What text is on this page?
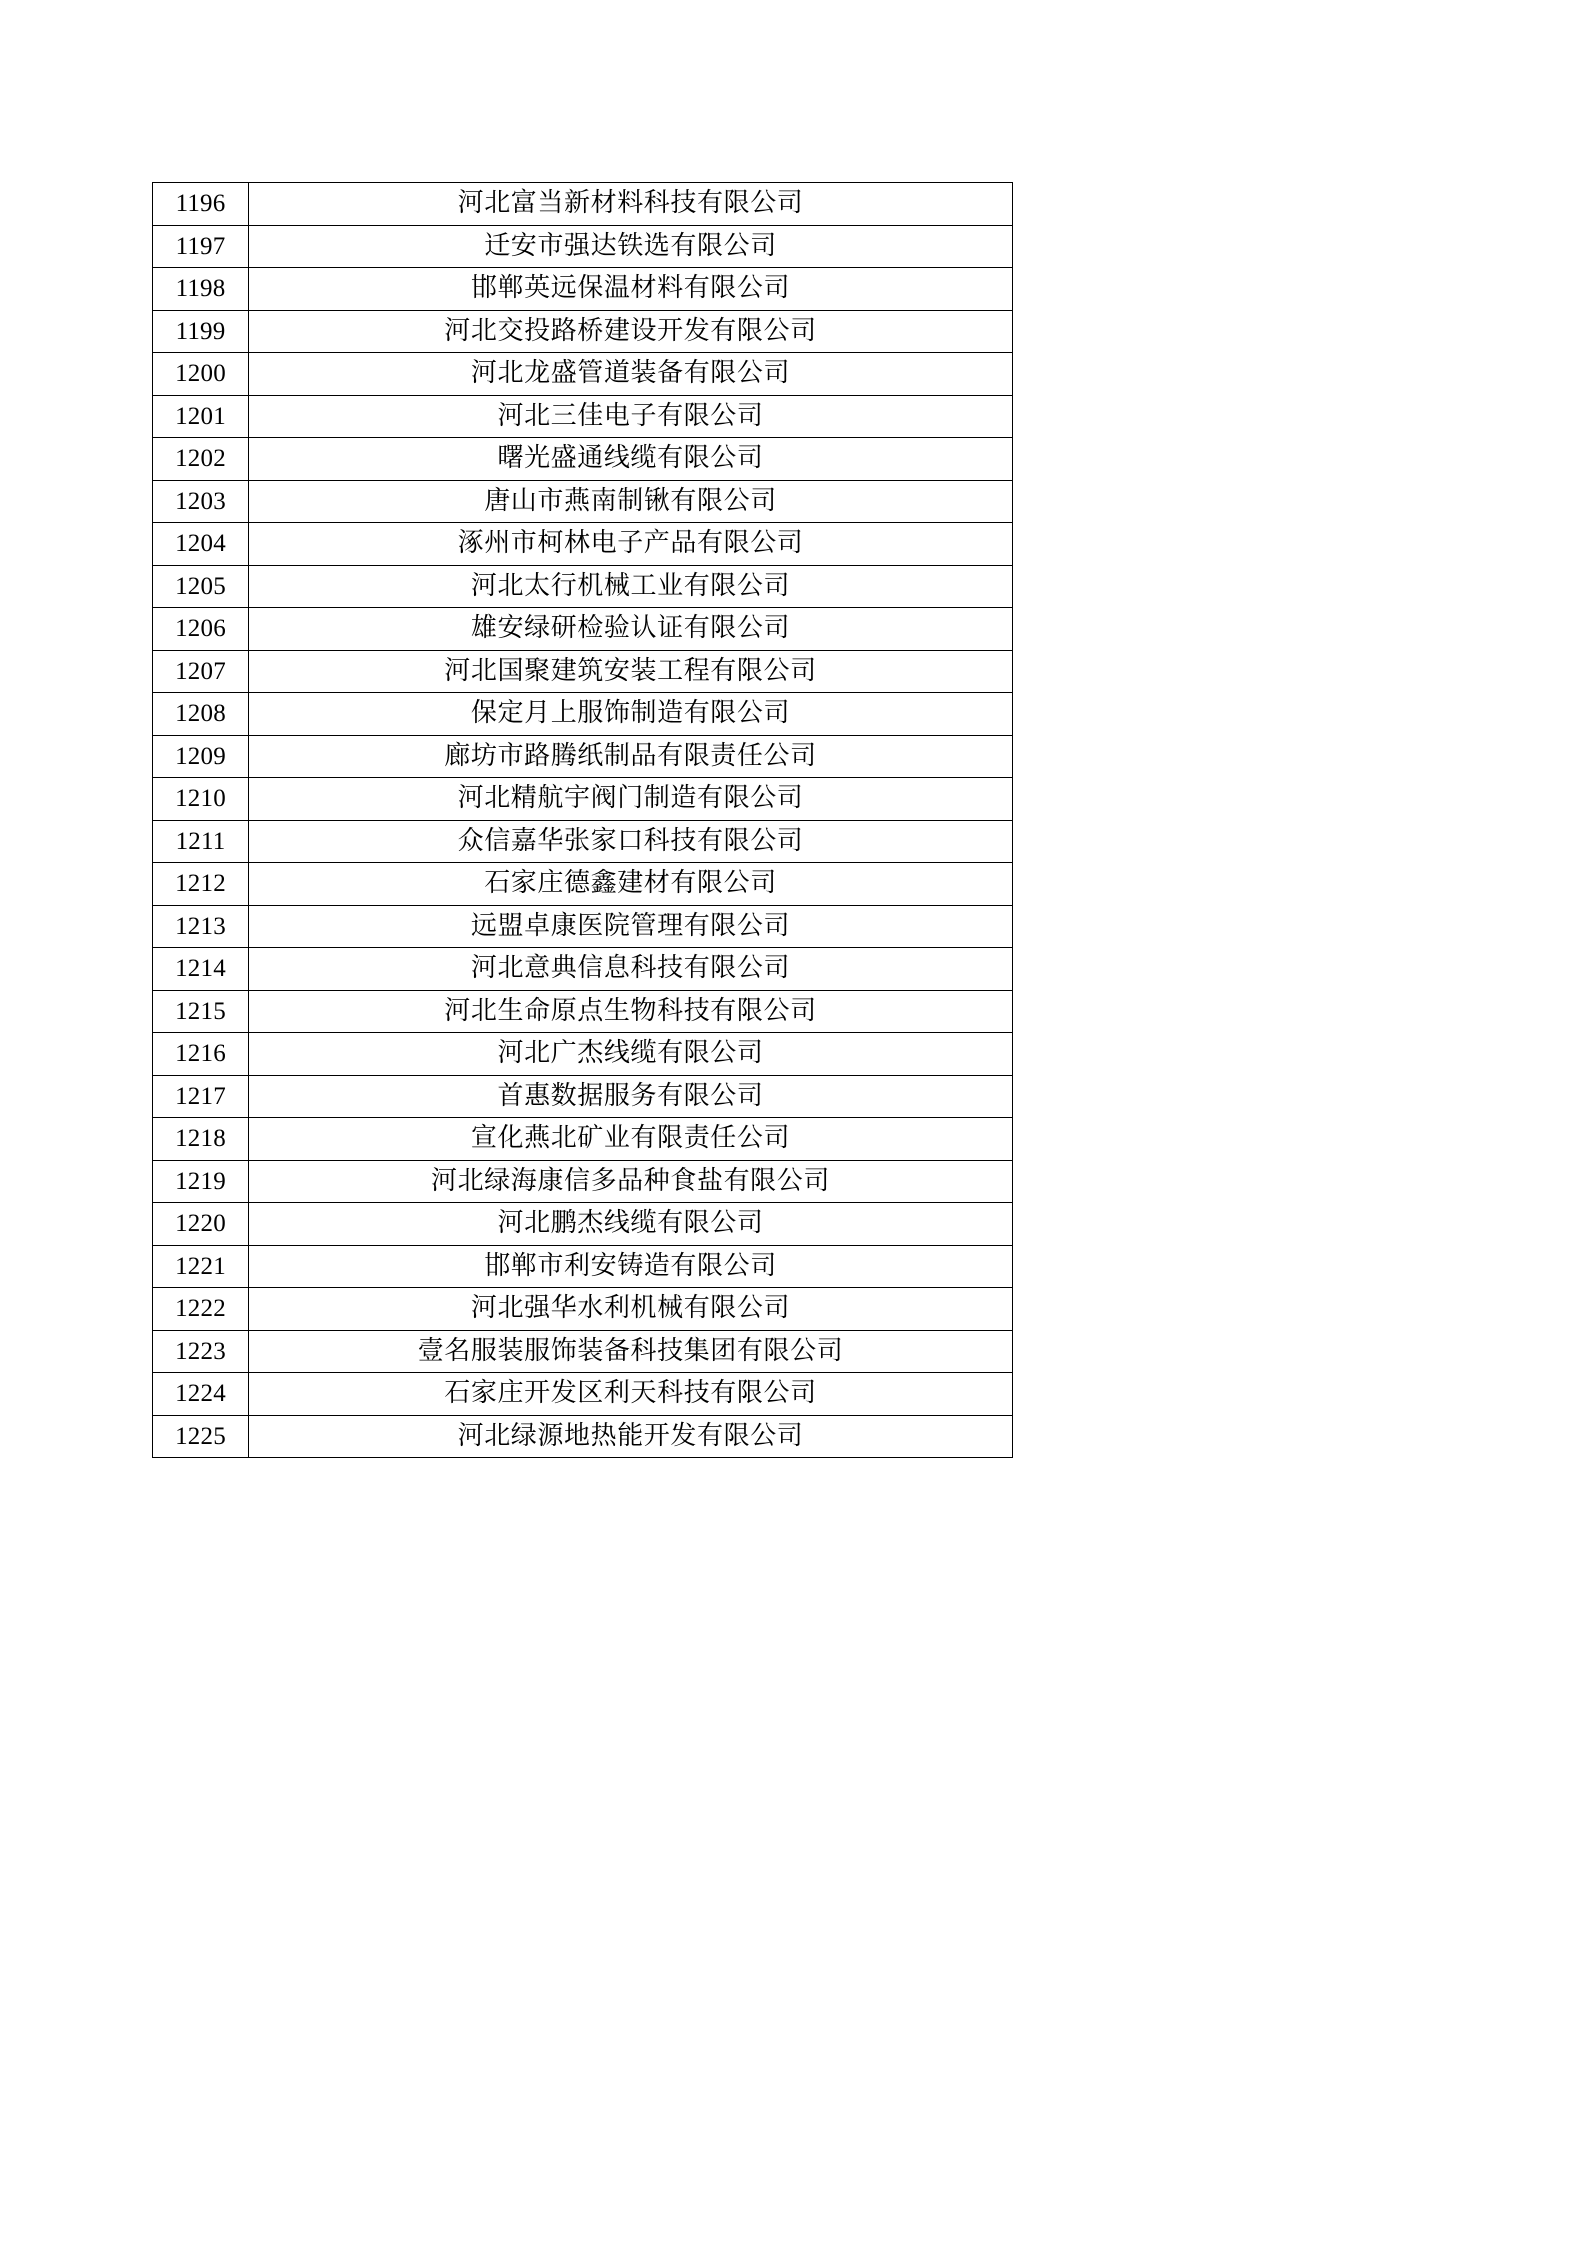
1196	河北富当新材料科技有限公司
1197	迁安市强达铁选有限公司
1198	邯郸英远保温材料有限公司
1199	河北交投路桥建设开发有限公司
1200	河北龙盛管道装备有限公司
1201	河北三佳电子有限公司
1202	曙光盛通线缆有限公司
1203	唐山市燕南制锹有限公司
1204	涿州市柯林电子产品有限公司
1205	河北太行机械工业有限公司
1206	雄安绿研检验认证有限公司
1207	河北国聚建筑安装工程有限公司
1208	保定月上服饰制造有限公司
1209	廊坊市路腾纸制品有限责任公司
1210	河北精航宇阀门制造有限公司
1211	众信嘉华张家口科技有限公司
1212	石家庄德鑫建材有限公司
1213	远盟卓康医院管理有限公司
1214	河北意典信息科技有限公司
1215	河北生命原点生物科技有限公司
1216	河北广杰线缆有限公司
1217	首惠数据服务有限公司
1218	宣化燕北矿业有限责任公司
1219	河北绿海康信多品种食盐有限公司
1220	河北鹏杰线缆有限公司
1221	邯郸市利安铸造有限公司
1222	河北强华水利机械有限公司
1223	壹名服装服饰装备科技集团有限公司
1224	石家庄开发区利天科技有限公司
1225	河北绿源地热能开发有限公司
